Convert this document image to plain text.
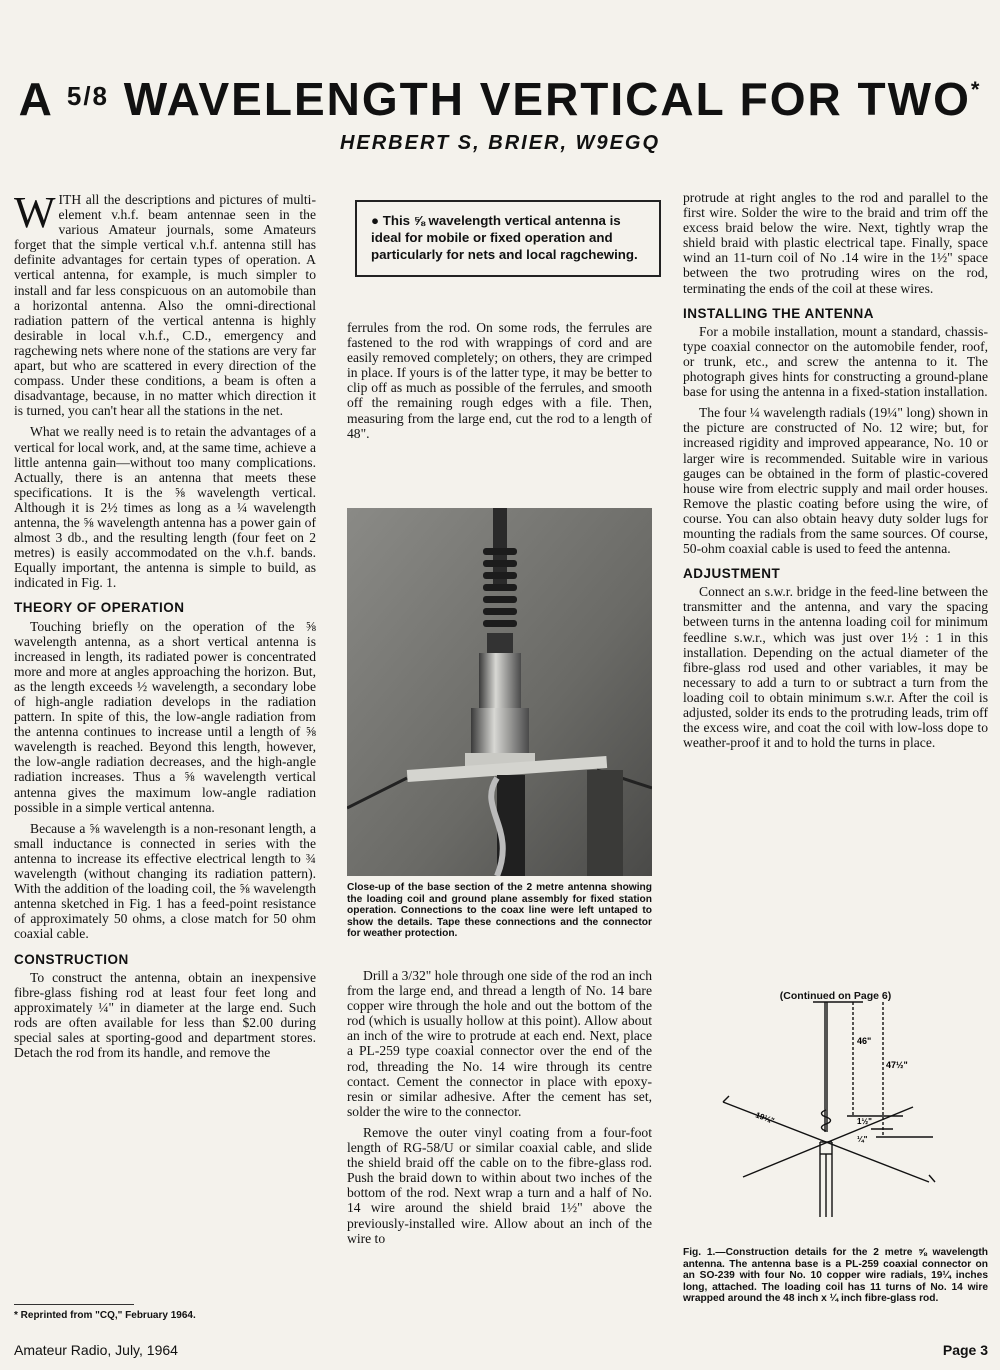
A $^{5/8}$ WAVELENGTH VERTICAL FOR TWO*
HERBERT S, BRIER, W9EGQ

WITH all the descriptions and pictures of multi-element v.h.f. beam antennae seen in the various Amateur journals, some Amateurs forget that the simple vertical v.h.f. antenna still has definite advantages for certain types of operation. A vertical antenna, for example, is much simpler to install and far less conspicuous on an automobile than a horizontal antenna. Also the omni-directional radiation pattern of the vertical antenna is highly desirable in local v.h.f., C.D., emergency and ragchewing nets where none of the stations are very far apart, but who are scattered in every direction of the compass. Under these conditions, a beam is often a disadvantage, because, in no matter which direction it is turned, you can't hear all the stations in the net.

What we really need is to retain the advantages of a vertical for local work, and, at the same time, achieve a little antenna gain—without too many complications. Actually, there is an antenna that meets these specifications. It is the ⅝ wavelength vertical. Although it is 2½ times as long as a ¼ wavelength antenna, the ⅝ wavelength antenna has a power gain of almost 3 db., and the resulting length (four feet on 2 metres) is easily accommodated on the v.h.f. bands. Equally important, the antenna is simple to build, as indicated in Fig. 1.

THEORY OF OPERATION

Touching briefly on the operation of the ⅝ wavelength antenna, as a short vertical antenna is increased in length, its radiated power is concentrated more and more at angles approaching the horizon. But, as the length exceeds ½ wavelength, a secondary lobe of high-angle radiation develops in the radiation pattern. In spite of this, the low-angle radiation from the antenna continues to increase until a length of ⅝ wavelength is reached. Beyond this length, however, the low-angle radiation decreases, and the high-angle radiation increases. Thus a ⅝ wavelength vertical antenna gives the maximum low-angle radiation possible in a simple vertical antenna.

Because a ⅝ wavelength is a non-resonant length, a small inductance is connected in series with the antenna to increase its effective electrical length to ¾ wavelength (without changing its radiation pattern). With the addition of the loading coil, the ⅝ wavelength antenna sketched in Fig. 1 has a feed-point resistance of approximately 50 ohms, a close match for 50 ohm coaxial cable.

CONSTRUCTION

To construct the antenna, obtain an inexpensive fibre-glass fishing rod at least four feet long and approximately ¼" in diameter at the large end. Such rods are often available for less than $2.00 during special sales at sporting-good and department stores. Detach the rod from its handle, and remove the

● This ⅝ wavelength vertical antenna is ideal for mobile or fixed operation and particularly for nets and local ragchewing.

ferrules from the rod. On some rods, the ferrules are fastened to the rod with wrappings of cord and are easily removed completely; on others, they are crimped in place. If yours is of the latter type, it may be better to clip off as much as possible of the ferrules, and smooth off the remaining rough edges with a file. Then, measuring from the large end, cut the rod to a length of 48".

Close-up of the base section of the 2 metre antenna showing the loading coil and ground plane assembly for fixed station operation. Connections to the coax line were left untaped to show the details. Tape these connections and the connector for weather protection.

Drill a 3/32" hole through one side of the rod an inch from the large end, and thread a length of No. 14 bare copper wire through the hole and out the bottom of the rod (which is usually hollow at this point). Allow about an inch of the wire to protrude at each end. Next, place a PL-259 type coaxial connector over the end of the rod, threading the No. 14 wire through its centre contact. Cement the connector in place with epoxy-resin or similar adhesive. After the cement has set, solder the wire to the connector.

Remove the outer vinyl coating from a four-foot length of RG-58/U or similar coaxial cable, and slide the shield braid off the cable on to the fibre-glass rod. Push the braid down to within about two inches of the bottom of the rod. Next wrap a turn and a half of No. 14 wire around the shield braid 1½" above the previously-installed wire. Allow about an inch of the wire to

protrude at right angles to the rod and parallel to the first wire. Solder the wire to the braid and trim off the excess braid below the wire. Next, tightly wrap the shield braid with plastic electrical tape. Finally, space wind an 11-turn coil of No .14 wire in the 1½" space between the two protruding wires on the rod, terminating the ends of the coil at these wires.

INSTALLING THE ANTENNA

For a mobile installation, mount a standard, chassis-type coaxial connector on the automobile fender, roof, or trunk, etc., and screw the antenna to it. The photograph gives hints for constructing a ground-plane base for using the antenna in a fixed-station installation.

The four ¼ wavelength radials (19¼" long) shown in the picture are constructed of No. 12 wire; but, for increased rigidity and improved appearance, No. 10 or larger wire is recommended. Suitable wire in various gauges can be obtained in the form of plastic-covered house wire from electric supply and mail order houses. Remove the plastic coating before using the wire, of course. You can also obtain heavy duty solder lugs for mounting the radials from the same sources. Of course, 50-ohm coaxial cable is used to feed the antenna.

ADJUSTMENT

Connect an s.w.r. bridge in the feed-line between the transmitter and the antenna, and vary the spacing between turns in the antenna loading coil for minimum feedline s.w.r., which was just over 1½ : 1 in this installation. Depending on the actual diameter of the fibre-glass rod used and other variables, it may be necessary to add a turn to or subtract a turn from the loading coil to obtain minimum s.w.r. After the coil is adjusted, solder its ends to the protruding leads, trim off the excess wire, and coat the coil with low-loss dope to weather-proof it and to hold the turns in place.

(Continued on Page 6)
46"
47½"
1½"
¼"
19¼"
Fig. 1.—Construction details for the 2 metre ⅝ wavelength antenna. The antenna base is a PL-259 coaxial connector on an SO-239 with four No. 10 copper wire radials, 19¼ inches long, attached. The loading coil has 11 turns of No. 14 wire wrapped around the 48 inch x ¼ inch fibre-glass rod.
* Reprinted from "CQ," February 1964.
Amateur Radio, July, 1964	Page 3
